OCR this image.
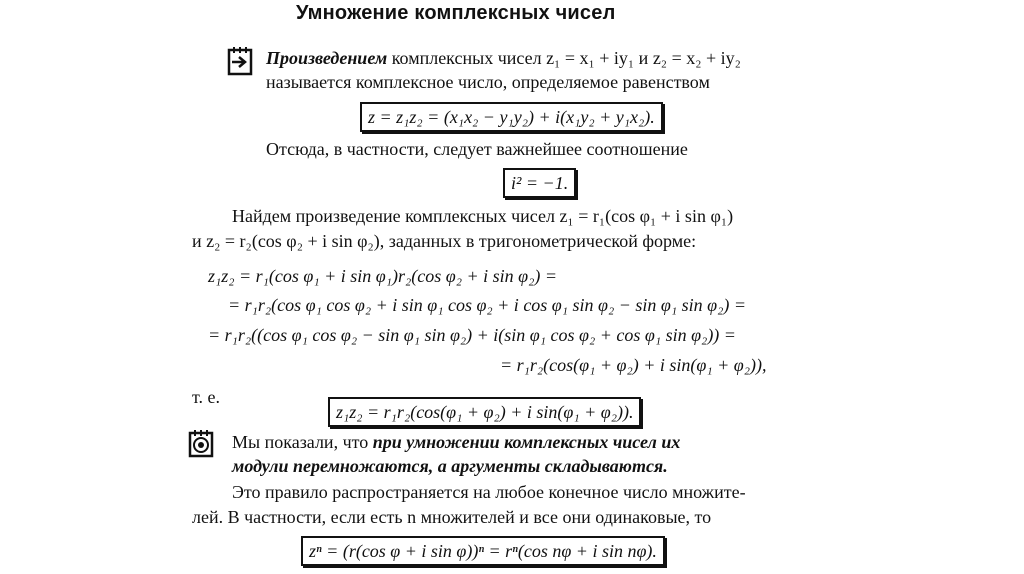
Умножение комплексных чисел
Произведением комплексных чисел z₁ = x₁ + iy₁ и z₂ = x₂ + iy₂
называется комплексное число, определяемое равенством
z = z₁z₂ = (x₁x₂ − y₁y₂) + i(x₁y₂ + y₁x₂).
Отсюда, в частности, следует важнейшее соотношение
i² = −1.
Найдем произведение комплексных чисел z₁ = r₁(cos φ₁ + i sin φ₁)
и z₂ = r₂(cos φ₂ + i sin φ₂), заданных в тригонометрической форме:
z₁z₂ = r₁(cos φ₁ + i sin φ₁)r₂(cos φ₂ + i sin φ₂) =
= r₁r₂(cos φ₁ cos φ₂ + i sin φ₁ cos φ₂ + i cos φ₁ sin φ₂ − sin φ₁ sin φ₂) =
= r₁r₂((cos φ₁ cos φ₂ − sin φ₁ sin φ₂) + i(sin φ₁ cos φ₂ + cos φ₁ sin φ₂)) =
= r₁r₂(cos(φ₁ + φ₂) + i sin(φ₁ + φ₂)),
т. е.
z₁z₂ = r₁r₂(cos(φ₁ + φ₂) + i sin(φ₁ + φ₂)).
Мы показали, что при умножении комплексных чисел их
модули перемножаются, а аргументы складываются.
Это правило распространяется на любое конечное число множите-
лей. В частности, если есть n множителей и все они одинаковые, то
zⁿ = (r(cos φ + i sin φ))ⁿ = rⁿ(cos nφ + i sin nφ).
